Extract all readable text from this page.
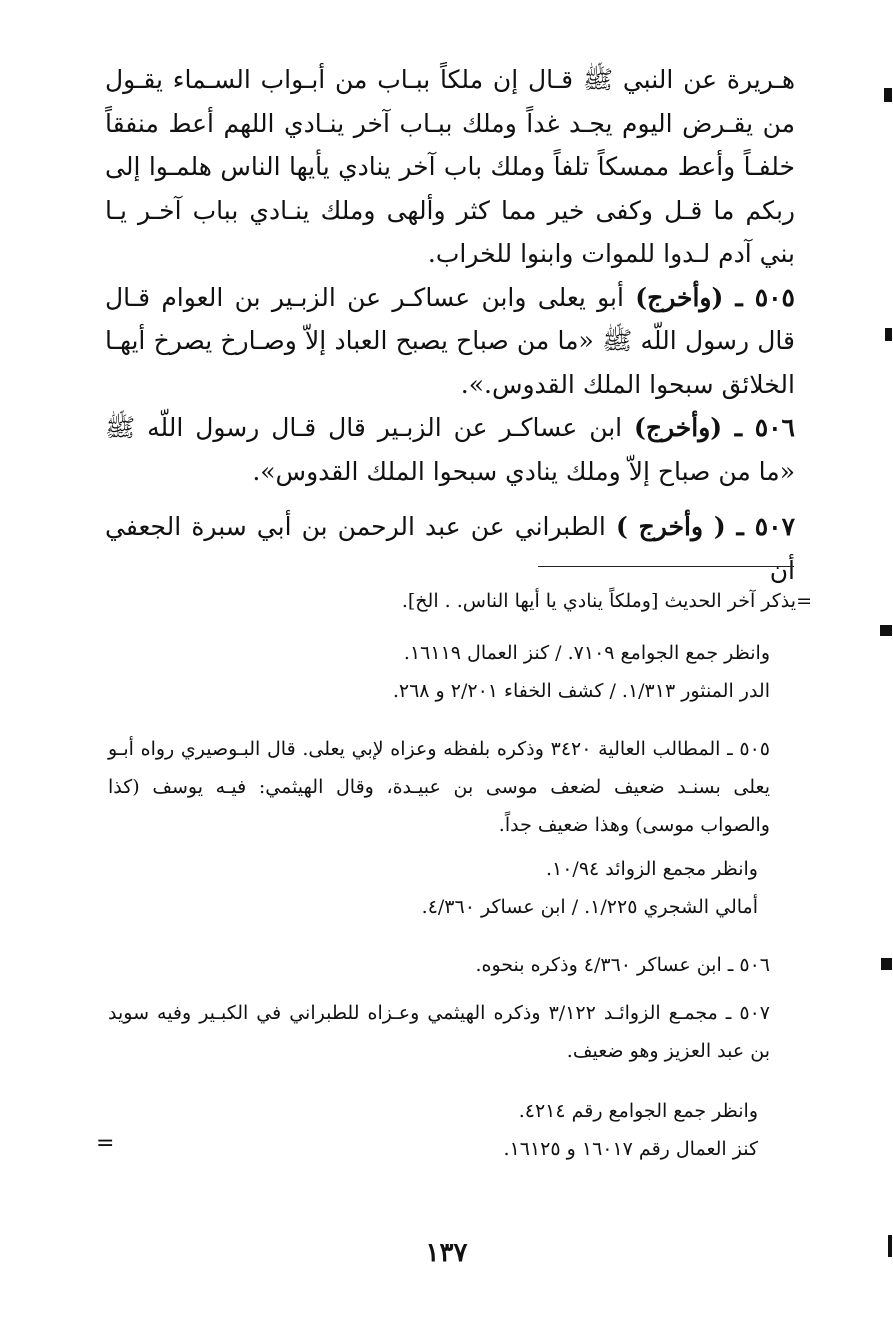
هـريرة عن النبي ﷺ قـال إن ملكاً ببـاب من أبـواب السـماء يقـول من يقـرض اليوم يجـد غداً وملك ببـاب آخر ينـادي اللهم أعط منفقاً خلفـاً وأعط ممسكاً تلفاً وملك باب آخر ينادي يأيها الناس هلمـوا إلى ربكم ما قـل وكفى خير مما كثر وألهى وملك ينـادي بباب آخـر يـا بني آدم لـدوا للموات وابنوا للخراب.

٥٠٥ ـ (وأخرج) أبو يعلى وابن عساكـر عن الزبـير بن العوام قـال قال رسول اللّه ﷺ «ما من صباح يصبح العباد إلاّ وصـارخ يصرخ أيهـا الخلائق سبحوا الملك القدوس.».

٥٠٦ ـ (وأخرج) ابن عساكـر عن الزبـير قال قـال رسول اللّه ﷺ «ما من صباح إلاّ وملك ينادي سبحوا الملك القدوس».

٥٠٧ ـ ( وأخرج ) الطبراني عن عبد الرحمن بن أبي سبرة الجعفي أن

=يذكر آخر الحديث [وملكاً ينادي يا أيها الناس. . الخ].

وانظر جمع الجوامع ٧١٠٩. / كنز العمال ١٦١١٩.

الدر المنثور ١/٣١٣. / كشف الخفاء ٢/٢٠١ و ٢٦٨.

٥٠٥ ـ المطالب العالية ٣٤٢٠ وذكره بلفظه وعزاه لإبي يعلى. قال البـوصيري رواه أبـو يعلى بسنـد ضعيف لضعف موسى بن عبيـدة، وقال الهيثمي: فيـه يوسف (كذا والصواب موسى) وهذا ضعيف جداً.

وانظر مجمع الزوائد ١٠/٩٤.

أمالي الشجري ١/٢٢٥. / ابن عساكر ٤/٣٦٠.

٥٠٦ ـ ابن عساكر ٤/٣٦٠ وذكره بنحوه.

٥٠٧ ـ مجمـع الزوائـد ٣/١٢٢ وذكره الهيثمي وعـزاه للطبراني في الكبـير وفيه سويد بن عبد العزيز وهو ضعيف.

وانظر جمع الجوامع رقم ٤٢١٤.

كنز العمال رقم ١٦٠١٧ و ١٦١٢٥.

=
١٣٧
